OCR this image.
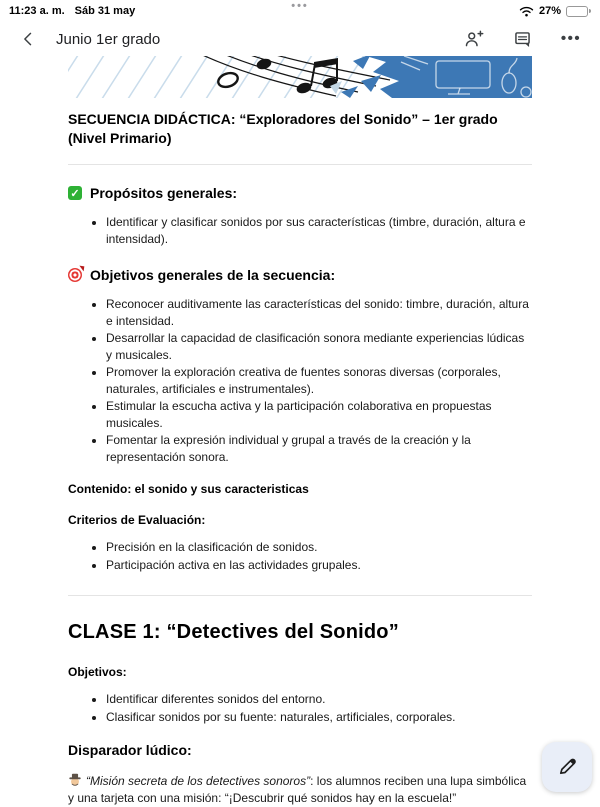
11:23 a. m. Sáb 31 may	•••	27%
Junio 1er grado	•••
SECUENCIA DIDÁCTICA: “Exploradores del Sonido” – 1er grado (Nivel Primario)
✓ Propósitos generales:
• Identificar y clasificar sonidos por sus características (timbre, duración, altura e intensidad).
Objetivos generales de la secuencia:
• Reconocer auditivamente las características del sonido: timbre, duración, altura e intensidad.
• Desarrollar la capacidad de clasificación sonora mediante experiencias lúdicas y musicales.
• Promover la exploración creativa de fuentes sonoras diversas (corporales, naturales, artificiales e instrumentales).
• Estimular la escucha activa y la participación colaborativa en propuestas musicales.
• Fomentar la expresión individual y grupal a través de la creación y la representación sonora.
Contenido: el sonido y sus caracteristicas
Criterios de Evaluación:
• Precisión en la clasificación de sonidos.
• Participación activa en las actividades grupales.
CLASE 1: “Detectives del Sonido”
Objetivos:
• Identificar diferentes sonidos del entorno.
• Clasificar sonidos por su fuente: naturales, artificiales, corporales.
Disparador lúdico:

“Misión secreta de los detectives sonoros”: los alumnos reciben una lupa simbólica y una tarjeta con una misión: “¡Descubrir qué sonidos hay en la escuela!”
